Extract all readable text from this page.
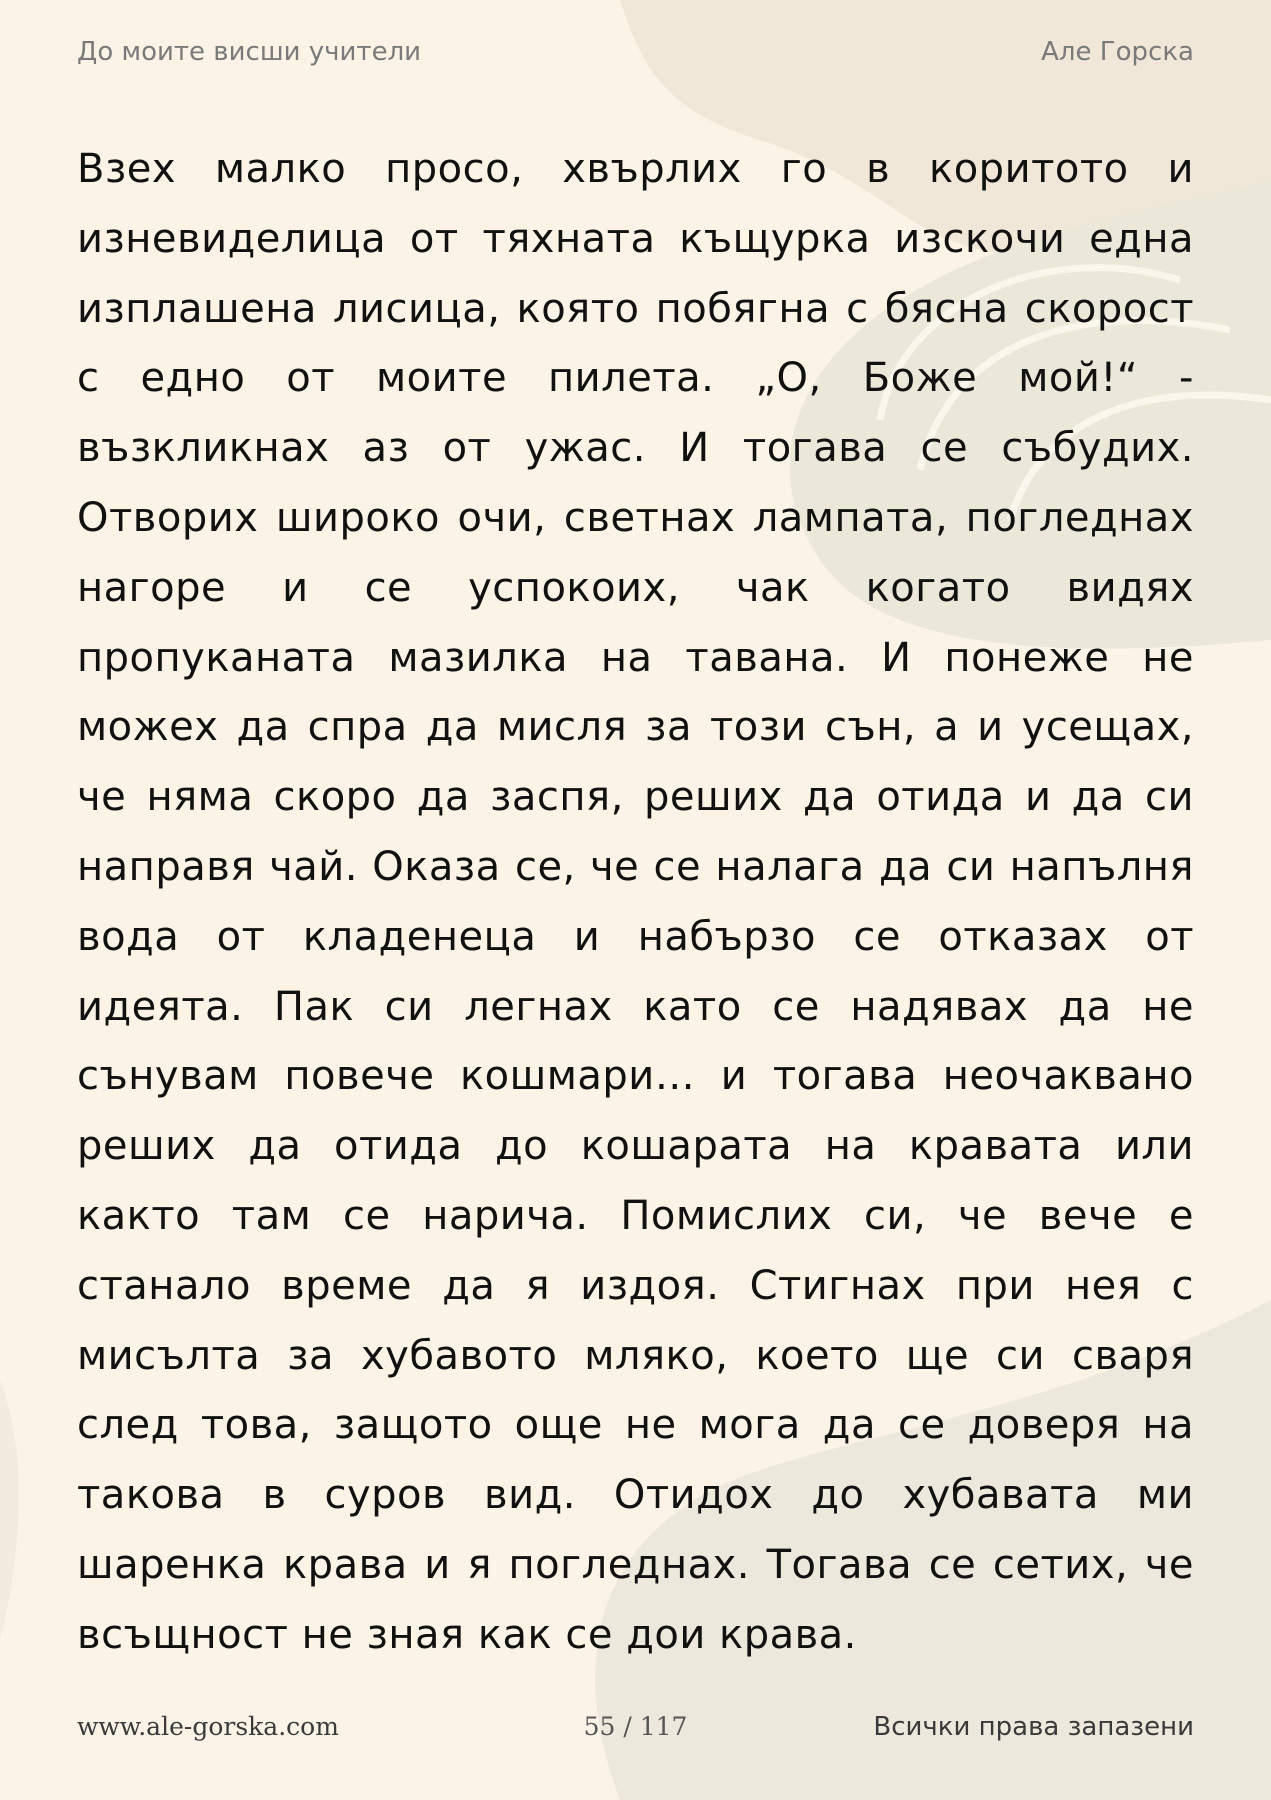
До моите висши учители	Але Горска

Взех малко просо, хвърлих го в коритото и изневиделица от тяхната къщурка изскочи една изплашена лисица, която побягна с бясна скорост с едно от моите пилета. „О, Боже мой!“ - възкликнах аз от ужас. И тогава се събудих. Отворих широко очи, светнах лампата, погледнах нагоре и се успокоих, чак когато видях пропуканата мазилка на тавана. И понеже не можех да спра да мисля за този сън, а и усещах, че няма скоро да заспя, реших да отида и да си направя чай. Оказа се, че се налага да си напълня вода от кладенеца и набързо се отказах от идеята. Пак си легнах като се надявах да не сънувам повече кошмари… и тогава неочаквано реших да отида до кошарата на кравата или както там се нарича. Помислих си, че вече е станало време да я издоя. Стигнах при нея с мисълта за хубавото мляко, което ще си сваря след това, защото още не мога да се доверя на такова в суров вид. Отидох до хубавата ми шаренка крава и я погледнах. Тогава се сетих, че всъщност не зная как се дои крава.

www.ale-gorska.com	55 / 117	Всички права запазени
